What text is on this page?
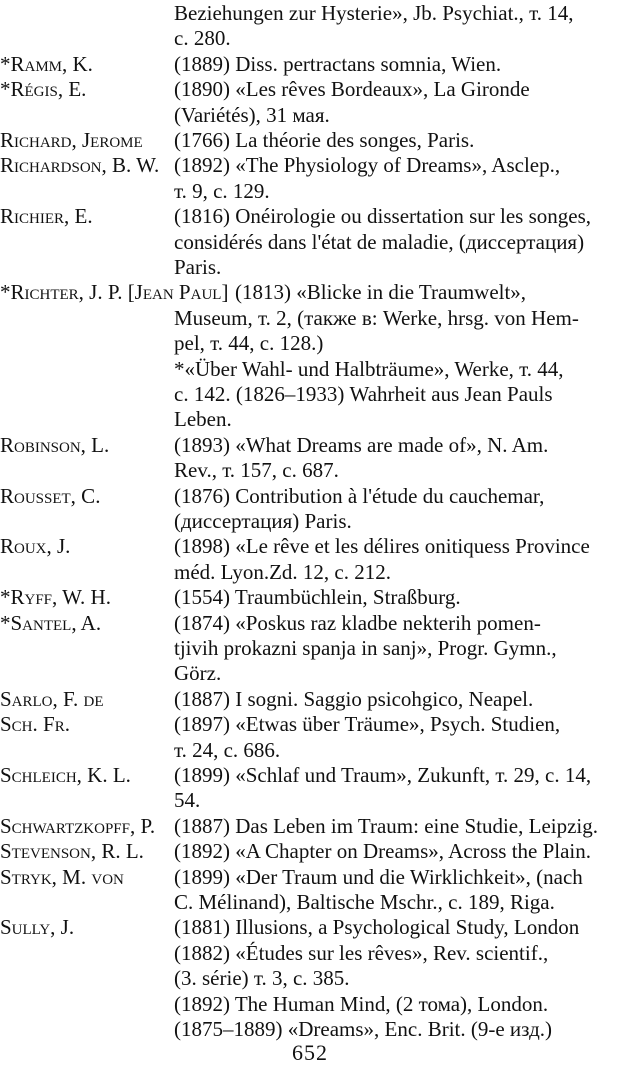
Beziehungen zur Hysterie», Jb. Psychiat., т. 14,
с. 280.
*Ramm, K.	(1889) Diss. pertractans somnia, Wien.
*Régis, E.	(1890) «Les rêves Bordeaux», La Gironde
(Variétés), 31 мая.
Richard, Jerome (1766) La théorie des songes, Paris.
Richardson, B. W. (1892) «The Physiology of Dreams», Asclep.,
т. 9, с. 129.
Richier, E.	(1816) Onéirologie ou dissertation sur les songes,
considérés dans l'état de maladie, (диссертация)
Paris.
*Richter, J. P. [Jean Paul] (1813) «Blicke in die Traumwelt»,
Museum, т. 2, (также в: Werke, hrsg. von Hem-
pel, т. 44, с. 128.)
*«Über Wahl- und Halbträume», Werke, т. 44,
с. 142. (1826–1933) Wahrheit aus Jean Pauls
Leben.
Robinson, L.	(1893) «What Dreams are made of», N. Am.
Rev., т. 157, с. 687.
Rousset, C.	(1876) Contribution à l'étude du cauchemar,
(диссертация) Paris.
Roux, J.	(1898) «Le rêve et les délires onitiquess Province
méd. Lyon.Zd. 12, с. 212.
*Ryff, W. H.	(1554) Traumbüchlein, Straßburg.
*Santel, A.	(1874) «Poskus raz kladbe nekterih pomen-
tjivih prokazni spanja in sanj», Progr. Gymn.,
Görz.
Sarlo, F. de	(1887) I sogni. Saggio psicohgico, Neapel.
Sch. Fr.	(1897) «Etwas über Träume», Psych. Studien,
т. 24, с. 686.
Schleich, K. L. (1899) «Schlaf und Traum», Zukunft, т. 29, с. 14,
54.
Schwartzkopff, P. (1887) Das Leben im Traum: eine Studie, Leipzig.
Stevenson, R. L. (1892) «A Chapter on Dreams», Across the Plain.
Stryk, M. von (1899) «Der Traum und die Wirklichkeit», (nach
C. Mélinand), Baltische Mschr., с. 189, Riga.
Sully, J.	(1881) Illusions, a Psychological Study, London
(1882) «Études sur les rêves», Rev. scientif.,
(3. série) т. 3, с. 385.
(1892) The Human Mind, (2 тома), London.
(1875–1889) «Dreams», Enc. Brit. (9-е изд.)
652
